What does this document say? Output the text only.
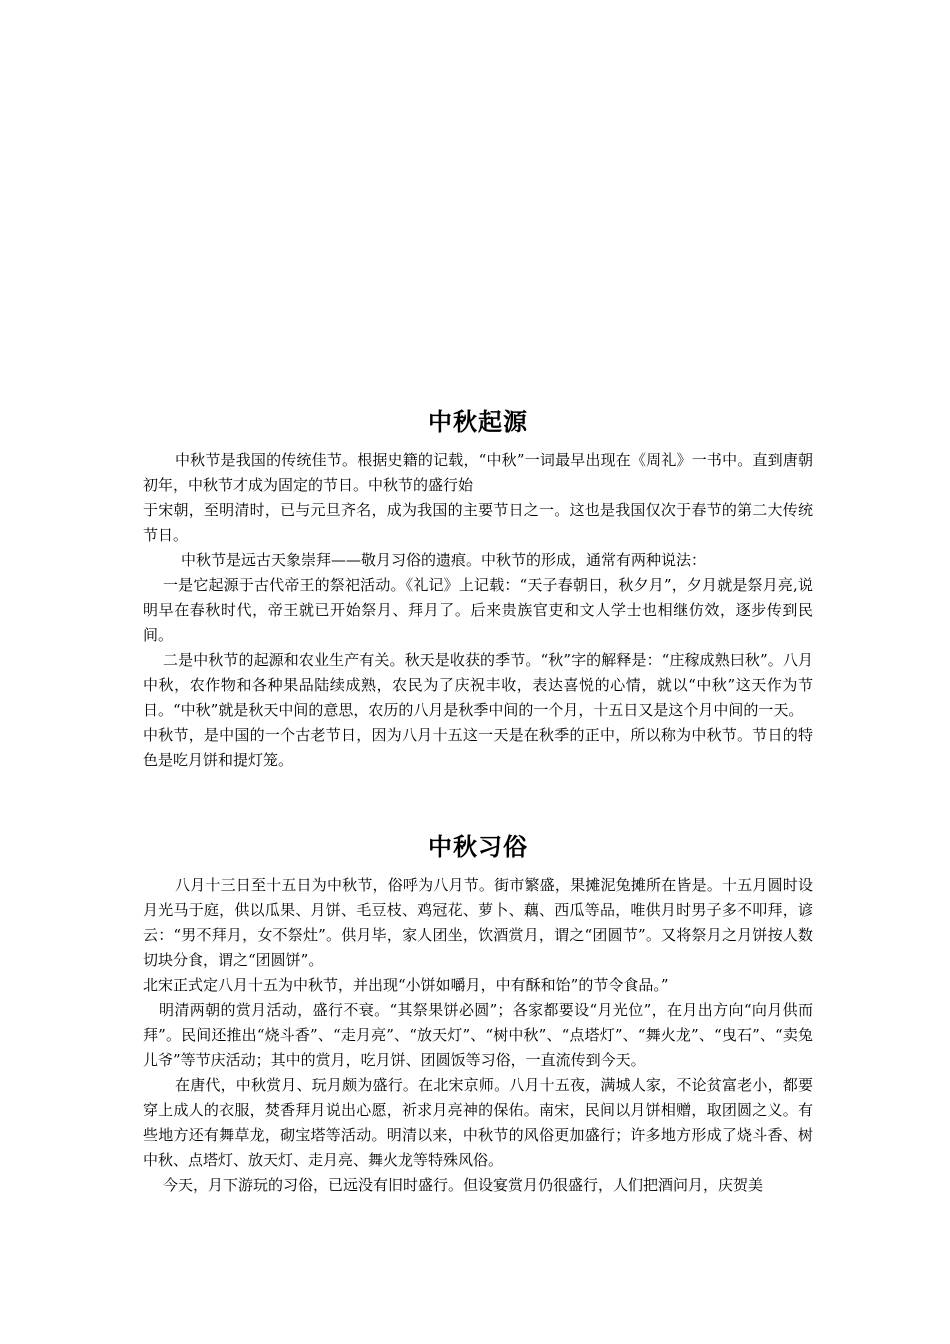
中秋起源

中秋节是我国的传统佳节。根据史籍的记载，“中秋”一词最早出现在《周礼》一书中。直到唐朝初年，中秋节才成为固定的节日。中秋节的盛行始

于宋朝，至明清时，已与元旦齐名，成为我国的主要节日之一。这也是我国仅次于春节的第二大传统节日。

中秋节是远古天象崇拜——敬月习俗的遗痕。中秋节的形成，通常有两种说法：

一是它起源于古代帝王的祭祀活动。《礼记》上记载：“天子春朝日，秋夕月”，夕月就是祭月亮,说明早在春秋时代，帝王就已开始祭月、拜月了。后来贵族官吏和文人学士也相继仿效，逐步传到民间。

二是中秋节的起源和农业生产有关。秋天是收获的季节。“秋”字的解释是：“庄稼成熟曰秋”。八月中秋，农作物和各种果品陆续成熟，农民为了庆祝丰收，表达喜悦的心情，就以“中秋”这天作为节日。“中秋”就是秋天中间的意思，农历的八月是秋季中间的一个月，十五日又是这个月中间的一天。

中秋节，是中国的一个古老节日，因为八月十五这一天是在秋季的正中，所以称为中秋节。节日的特色是吃月饼和提灯笼。

中秋习俗

八月十三日至十五日为中秋节，俗呼为八月节。街市繁盛，果摊泥兔摊所在皆是。十五月圆时设月光马于庭，供以瓜果、月饼、毛豆枝、鸡冠花、萝卜、藕、西瓜等品，唯供月时男子多不叩拜，谚云：“男不拜月，女不祭灶”。供月毕，家人团坐，饮酒赏月，谓之“团圆节”。又将祭月之月饼按人数切块分食，谓之“团圆饼”。

北宋正式定八月十五为中秋节，并出现“小饼如嚼月，中有酥和饴”的节令食品。”

明清两朝的赏月活动，盛行不衰。“其祭果饼必圆”；各家都要设“月光位”，在月出方向“向月供而拜”。民间还推出“烧斗香”、“走月亮”、“放天灯”、“树中秋”、“点塔灯”、“舞火龙”、“曳石”、“卖兔儿爷”等节庆活动；其中的赏月，吃月饼、团圆饭等习俗，一直流传到今天。

在唐代，中秋赏月、玩月颇为盛行。在北宋京师。八月十五夜，满城人家，不论贫富老小，都要穿上成人的衣服，焚香拜月说出心愿，祈求月亮神的保佑。南宋，民间以月饼相赠，取团圆之义。有些地方还有舞草龙，砌宝塔等活动。明清以来，中秋节的风俗更加盛行；许多地方形成了烧斗香、树中秋、点塔灯、放天灯、走月亮、舞火龙等特殊风俗。

今天，月下游玩的习俗，已远没有旧时盛行。但设宴赏月仍很盛行，人们把酒问月，庆贺美
